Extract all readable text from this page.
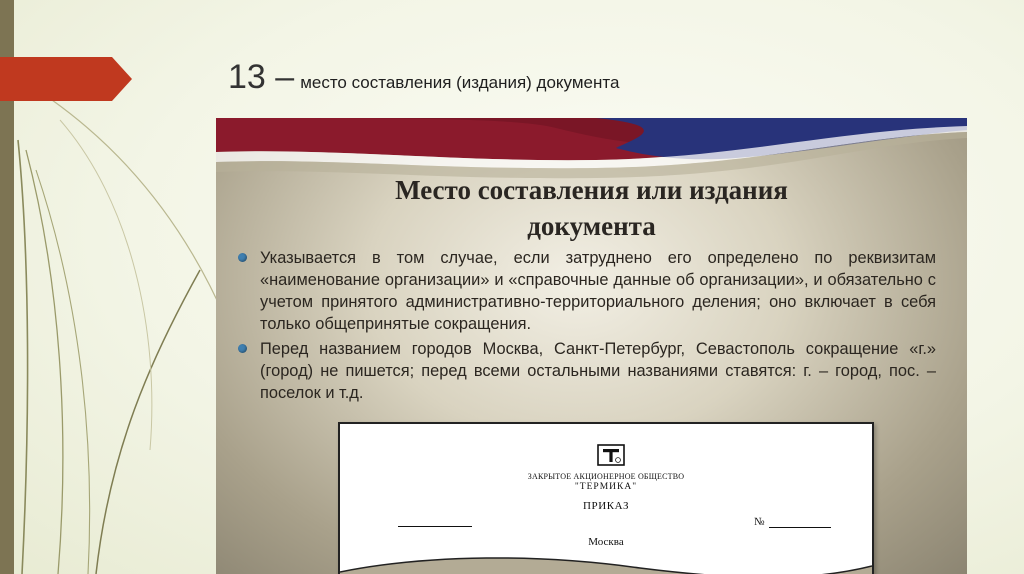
13 – место составления (издания) документа
Место составления или издания
документа
Указывается в том случае, если затруднено его определено по реквизитам «наименование организации» и «справочные данные об организации», и обязательно с учетом принятого административно-территориального деления; оно включает в себя только общепринятые сокращения.
Перед названием городов Москва, Санкт-Петербург, Севастополь сокращение «г.» (город) не пишется; перед всеми остальными названиями ставятся: г. – город, пос. – поселок и т.д.
ЗАКРЫТОЕ АКЦИОНЕРНОЕ ОБЩЕСТВО
"ТЕРМИКА"
ПРИКАЗ
№
Москва
